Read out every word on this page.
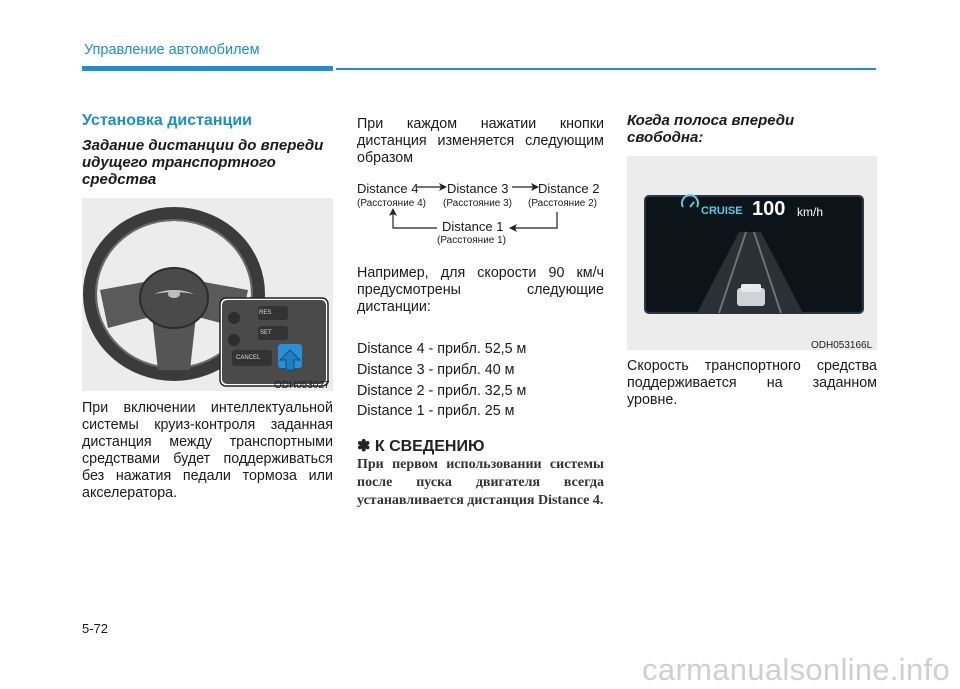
Управление автомобилем
Установка дистанции
Задание дистанции до впереди идущего транспортного средства
RES
SET
CANCEL
ODH053027
При включении интеллектуальной системы круиз-контроля заданная дистанция между транспортными средствами будет поддерживаться без нажатия педали тормоза или акселератора.
При каждом нажатии кнопки дистанция изменяется следующим образом
Distance 4
(Расстояние 4)
Distance 3
(Расстояние 3)
Distance 2
(Расстояние 2)
Distance 1
(Расстояние 1)
Например, для скорости 90 км/ч предусмотрены следующие дистанции:
Distance 4 - прибл. 52,5 м
Distance 3 - прибл. 40 м
Distance 2 - прибл. 32,5 м
Distance 1 - прибл. 25 м
✽ К СВЕДЕНИЮ
При первом использовании системы после пуска двигателя всегда устанавливается дистанция Distance 4.
Когда полоса впереди свободна:
CRUISE 100 km/h
ODH053166L
Скорость транспортного средства поддерживается на заданном уровне.
5-72
carmanualsonline.info
